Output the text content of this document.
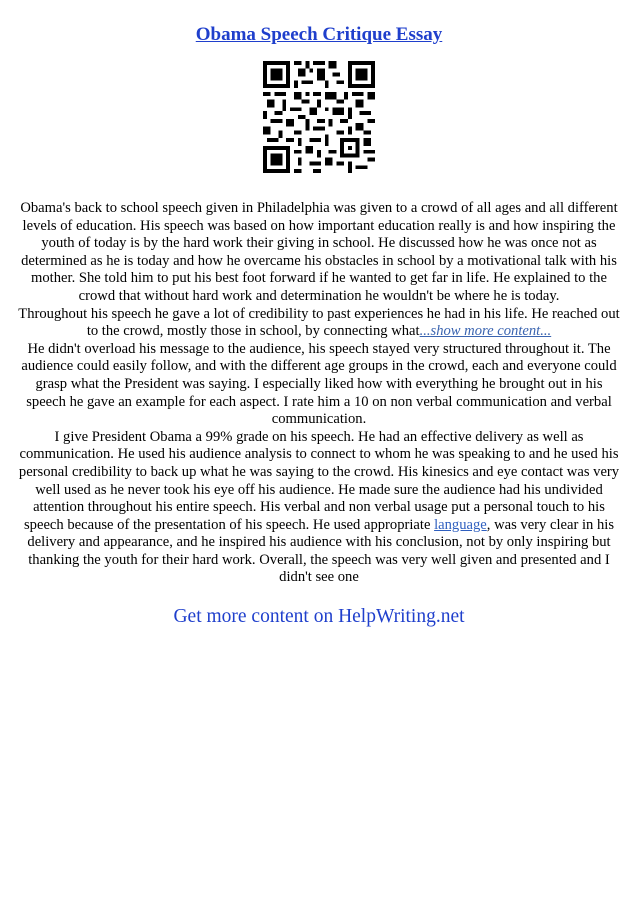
Obama Speech Critique Essay

Obama's back to school speech given in Philadelphia was given to a crowd of all ages and all different levels of education. His speech was based on how important education really is and how inspiring the youth of today is by the hard work their giving in school. He discussed how he was once not as determined as he is today and how he overcame his obstacles in school by a motivational talk with his mother. She told him to put his best foot forward if he wanted to get far in life. He explained to the crowd that without hard work and determination he wouldn't be where he is today.

Throughout his speech he gave a lot of credibility to past experiences he had in his life. He reached out to the crowd, mostly those in school, by connecting what...show more content...

He didn't overload his message to the audience, his speech stayed very structured throughout it. The audience could easily follow, and with the different age groups in the crowd, each and everyone could grasp what the President was saying. I especially liked how with everything he brought out in his speech he gave an example for each aspect. I rate him a 10 on non verbal communication and verbal communication.

I give President Obama a 99% grade on his speech. He had an effective delivery as well as communication. He used his audience analysis to connect to whom he was speaking to and he used his personal credibility to back up what he was saying to the crowd. His kinesics and eye contact was very well used as he never took his eye off his audience. He made sure the audience had his undivided attention throughout his entire speech. His verbal and non verbal usage put a personal touch to his speech because of the presentation of his speech. He used appropriate language, was very clear in his delivery and appearance, and he inspired his audience with his conclusion, not by only inspiring but thanking the youth for their hard work. Overall, the speech was very well given and presented and I didn't see one

Get more content on HelpWriting.net
